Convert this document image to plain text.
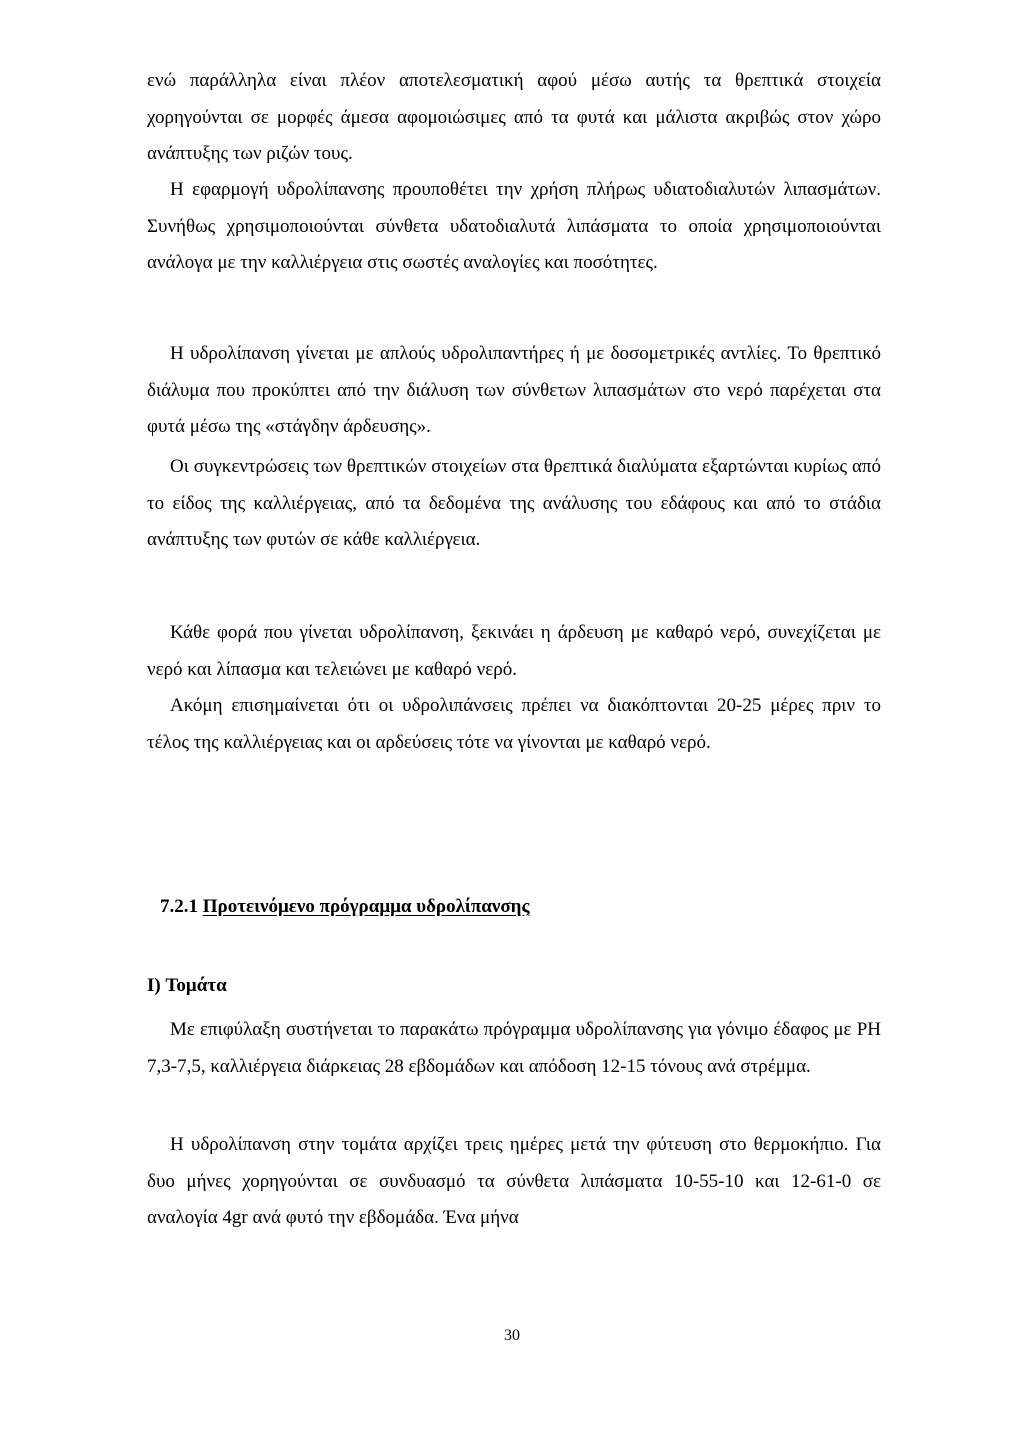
ενώ παράλληλα είναι πλέον αποτελεσματική αφού μέσω αυτής τα θρεπτικά στοιχεία χορηγούνται σε μορφές άμεσα αφομοιώσιμες από τα φυτά και μάλιστα ακριβώς στον χώρο ανάπτυξης των ριζών τους.

Η εφαρμογή υδρολίπανσης προυποθέτει την χρήση πλήρως υδιατοδιαλυτών λιπασμάτων. Συνήθως χρησιμοποιούνται σύνθετα υδατοδιαλυτά λιπάσματα το οποία χρησιμοποιούνται ανάλογα με την καλλιέργεια στις σωστές αναλογίες και ποσότητες.

Η υδρολίπανση γίνεται με απλούς υδρολιπαντήρες ή με δοσομετρικές αντλίες. Το θρεπτικό διάλυμα που προκύπτει από την διάλυση των σύνθετων λιπασμάτων στο νερό παρέχεται στα φυτά μέσω της «στάγδην άρδευσης».

Οι συγκεντρώσεις των θρεπτικών στοιχείων στα θρεπτικά διαλύματα εξαρτώνται κυρίως από το είδος της καλλιέργειας, από τα δεδομένα της ανάλυσης του εδάφους και από το στάδια ανάπτυξης των φυτών σε κάθε καλλιέργεια.

Κάθε φορά που γίνεται υδρολίπανση, ξεκινάει η άρδευση με καθαρό νερό, συνεχίζεται με νερό και λίπασμα και τελειώνει με καθαρό νερό.

Ακόμη επισημαίνεται ότι οι υδρολιπάνσεις πρέπει να διακόπτονται 20-25 μέρες πριν το τέλος της καλλιέργειας και οι αρδεύσεις τότε να γίνονται με καθαρό νερό.

7.2.1 Προτεινόμενο πρόγραμμα υδρολίπανσης
I) Τομάτα

Με επιφύλαξη συστήνεται το παρακάτω πρόγραμμα υδρολίπανσης για γόνιμο έδαφος με PH 7,3-7,5, καλλιέργεια διάρκειας 28 εβδομάδων και απόδοση 12-15 τόνους ανά στρέμμα.

Η υδρολίπανση στην τομάτα αρχίζει τρεις ημέρες μετά την φύτευση στο θερμοκήπιο. Για δυο μήνες χορηγούνται σε συνδυασμό τα σύνθετα λιπάσματα 10-55-10 και 12-61-0 σε αναλογία 4gr ανά φυτό την εβδομάδα. Ένα μήνα

30
